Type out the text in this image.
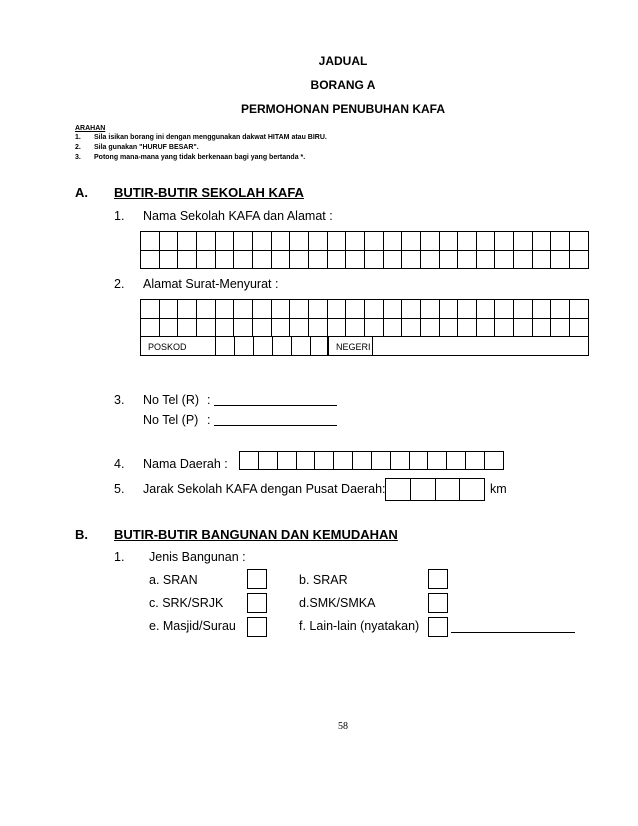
JADUAL
BORANG A
PERMOHONAN PENUBUHAN KAFA
ARAHAN
1. Sila isikan borang ini dengan menggunakan dakwat HITAM atau BIRU.
2. Sila gunakan "HURUF BESAR".
3. Potong mana-mana yang tidak berkenaan bagi yang bertanda *.
A. BUTIR-BUTIR SEKOLAH KAFA
1. Nama Sekolah KAFA dan Alamat :

2. Alamat Surat-Menyurat :

POSKOD	NEGERI
3. No Tel (R) :
No Tel (P) :
4. Nama Daerah :

5. Jarak Sekolah KAFA dengan Pusat Daerah:
				km
B. BUTIR-BUTIR BANGUNAN DAN KEMUDAHAN
1. Jenis Bangunan :
a. SRAN	b. SRAR
c. SRK/SRJK	d.SMK/SMKA
e. Masjid/Surau	f. Lain-lain (nyatakan)
58
